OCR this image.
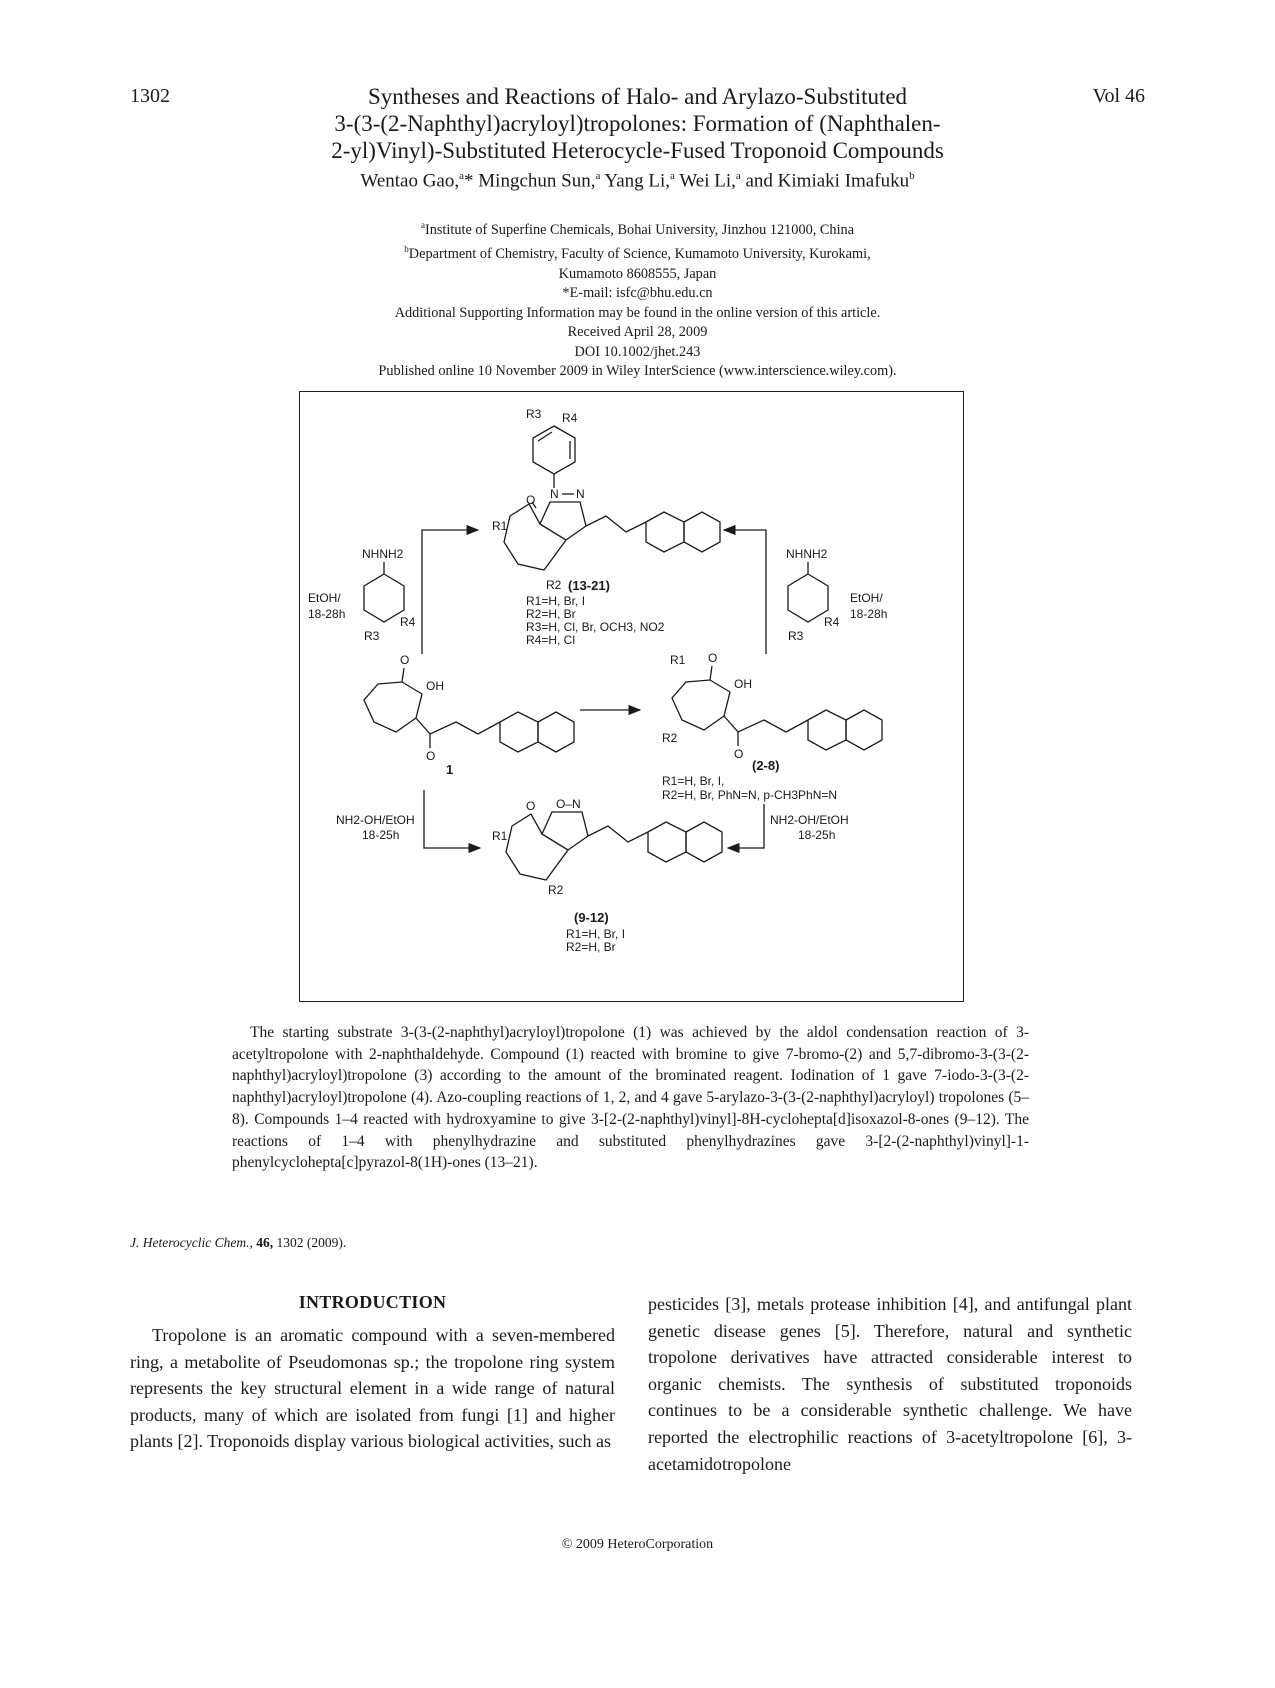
1302	Vol 46
Syntheses and Reactions of Halo- and Arylazo-Substituted
3-(3-(2-Naphthyl)acryloyl)tropolones: Formation of (Naphthalen-
2-yl)Vinyl)-Substituted Heterocycle-Fused Troponoid Compounds
Wentao Gao,$^a$* Mingchun Sun,$^a$ Yang Li,$^a$ Wei Li,$^a$ and Kimiaki Imafuku$^b$
$^a$Institute of Superfine Chemicals, Bohai University, Jinzhou 121000, China
$^b$Department of Chemistry, Faculty of Science, Kumamoto University, Kurokami,
Kumamoto 8608555, Japan
*E-mail: isfc@bhu.edu.cn
Additional Supporting Information may be found in the online version of this article.
Received April 28, 2009
DOI 10.1002/jhet.243
Published online 10 November 2009 in Wiley InterScience (www.interscience.wiley.com).
R3 R4
N N
O
R1
R2 (13-21)
R1=H, Br, I
R2=H, Br
R3=H, Cl, Br, OCH3, NO2
R4=H, Cl
NHNH2
EtOH/
18-28h
R4
R3
NHNH2
EtOH/
18-28h
R4
R3
O
OH
O
1
R1 O
OH
R2
O
(2-8)
R1=H, Br, I,
R2=H, Br, PhN=N, p-CH3PhN=N
O O–N
R1
R2
(9-12)
R1=H, Br, I
R2=H, Br
NH2-OH/EtOH
18-25h
NH2-OH/EtOH
18-25h

The starting substrate 3-(3-(2-naphthyl)acryloyl)tropolone (1) was achieved by the aldol condensation reaction of 3-acetyltropolone with 2-naphthaldehyde. Compound (1) reacted with bromine to give 7-bromo-(2) and 5,7-dibromo-3-(3-(2-naphthyl)acryloyl)tropolone (3) according to the amount of the brominated reagent. Iodination of 1 gave 7-iodo-3-(3-(2-naphthyl)acryloyl)tropolone (4). Azo-coupling reactions of 1, 2, and 4 gave 5-arylazo-3-(3-(2-naphthyl)acryloyl) tropolones (5–8). Compounds 1–4 reacted with hydroxyamine to give 3-[2-(2-naphthyl)vinyl]-8H-cyclohepta[d]isoxazol-8-ones (9–12). The reactions of 1–4 with phenylhydrazine and substituted phenylhydrazines gave 3-[2-(2-naphthyl)vinyl]-1-phenylcyclohepta[c]pyrazol-8(1H)-ones (13–21).

J. Heterocyclic Chem., 46, 1302 (2009).
INTRODUCTION

Tropolone is an aromatic compound with a seven-membered ring, a metabolite of Pseudomonas sp.; the tropolone ring system represents the key structural element in a wide range of natural products, many of which are isolated from fungi [1] and higher plants [2]. Troponoids display various biological activities, such as

pesticides [3], metals protease inhibition [4], and antifungal plant genetic disease genes [5]. Therefore, natural and synthetic tropolone derivatives have attracted considerable interest to organic chemists. The synthesis of substituted troponoids continues to be a considerable synthetic challenge. We have reported the electrophilic reactions of 3-acetyltropolone [6], 3-acetamidotropolone

© 2009 HeteroCorporation
